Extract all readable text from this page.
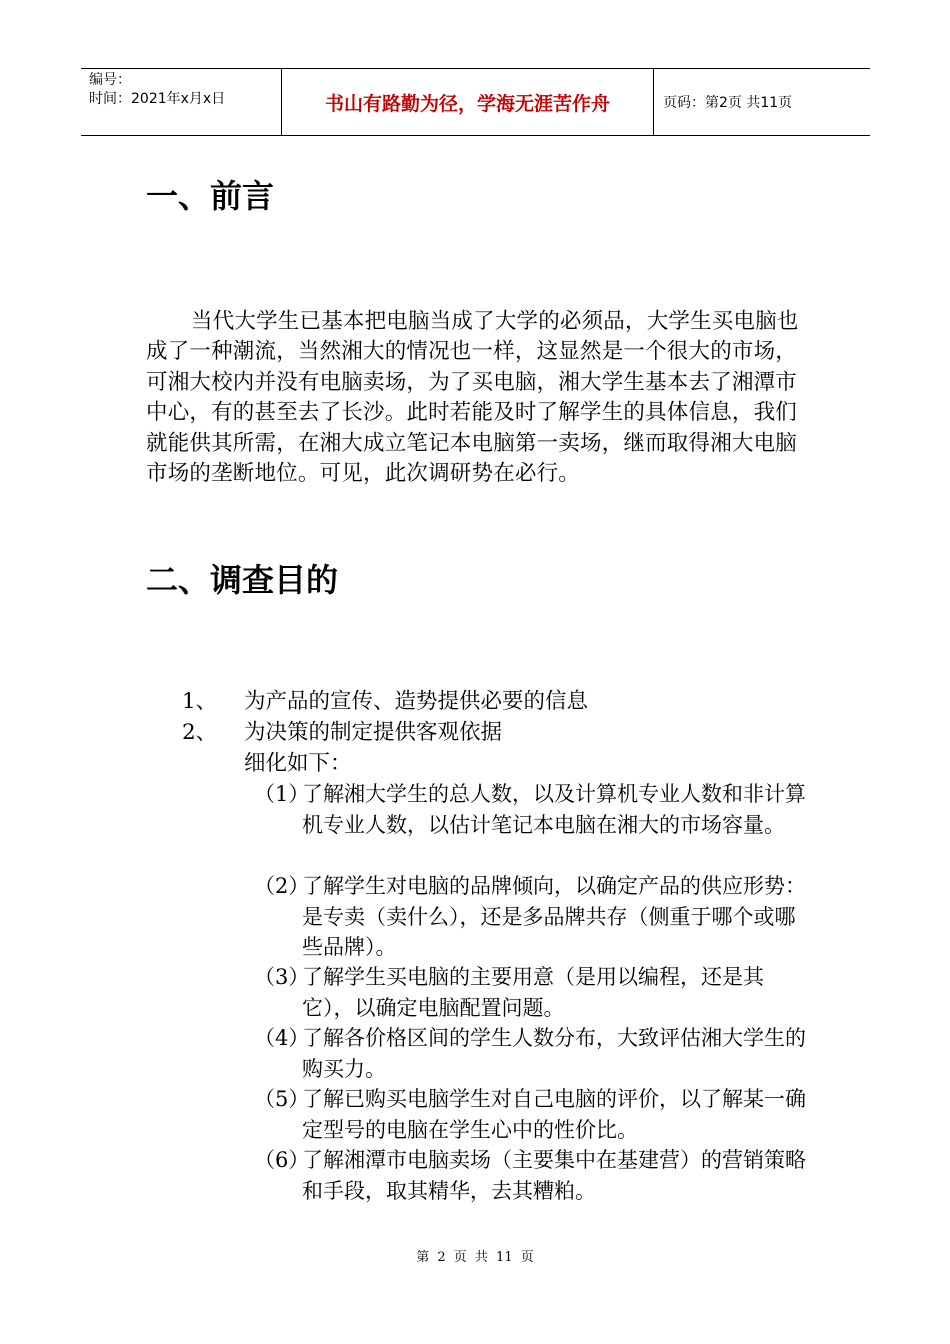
编号：
时间：2021年x月x日	书山有路勤为径，学海无涯苦作舟	页码：第2页 共11页
一、前言

当代大学生已基本把电脑当成了大学的必须品，大学生买电脑也成了一种潮流，当然湘大的情况也一样，这显然是一个很大的市场，可湘大校内并没有电脑卖场，为了买电脑，湘大学生基本去了湘潭市中心，有的甚至去了长沙。此时若能及时了解学生的具体信息，我们就能供其所需，在湘大成立笔记本电脑第一卖场，继而取得湘大电脑市场的垄断地位。可见，此次调研势在必行。

二、调查目的
1、 为产品的宣传、造势提供必要的信息
2、 为决策的制定提供客观依据
细化如下：
（1）
了解湘大学生的总人数，以及计算机专业人数和非计算机专业人数，以估计笔记本电脑在湘大的市场容量。
（2）
了解学生对电脑的品牌倾向，以确定产品的供应形势：是专卖（卖什么），还是多品牌共存（侧重于哪个或哪些品牌）。
（3）
了解学生买电脑的主要用意（是用以编程，还是其它），以确定电脑配置问题。
（4）
了解各价格区间的学生人数分布，大致评估湘大学生的购买力。
（5）
了解已购买电脑学生对自己电脑的评价，以了解某一确定型号的电脑在学生心中的性价比。
（6）
了解湘潭市电脑卖场（主要集中在基建营）的营销策略和手段，取其精华，去其糟粕。
第 2 页 共 11 页
